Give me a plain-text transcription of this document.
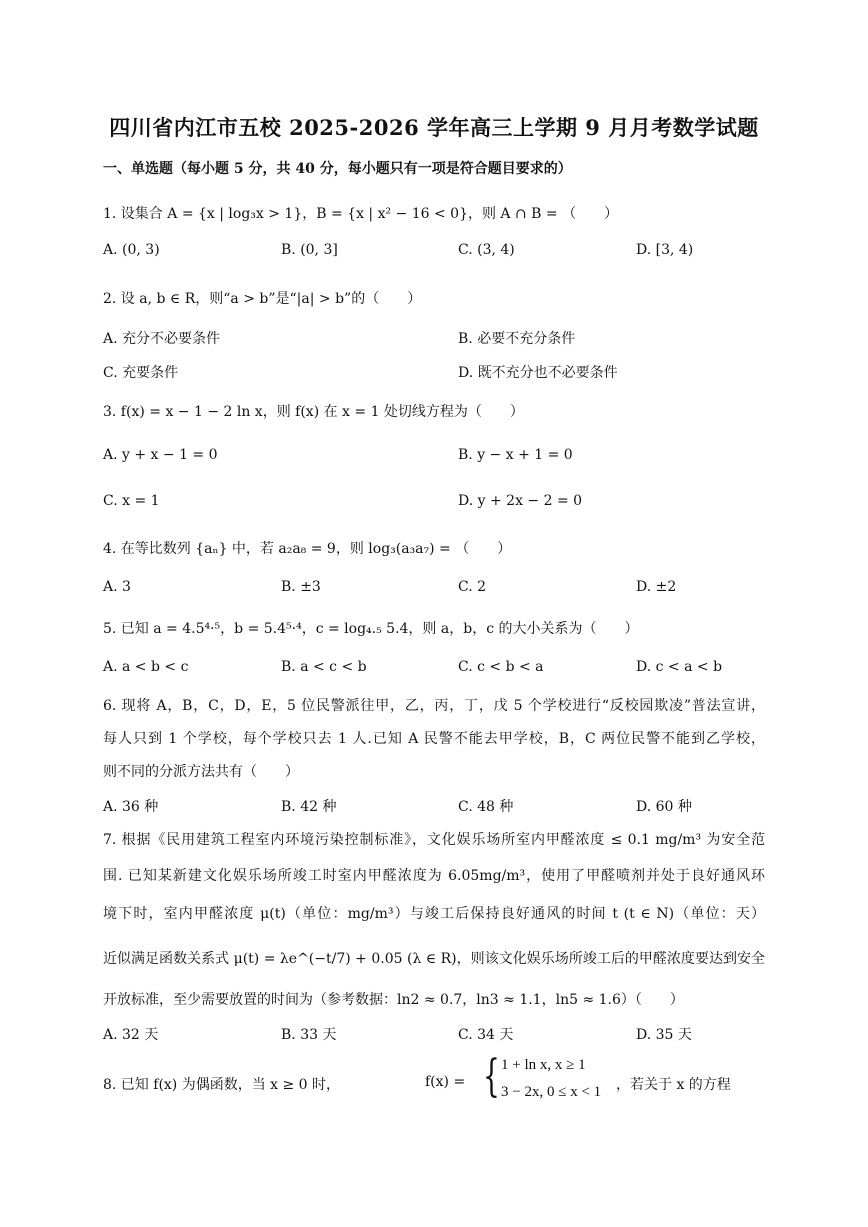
四川省内江市五校 2025-2026 学年高三上学期 9 月月考数学试题
一、单选题（每小题 5 分，共 40 分，每小题只有一项是符合题目要求的）
1. 设集合 A = {x | log₃x > 1}，B = {x | x² − 16 < 0}，则 A ∩ B = （　　）
A. (0, 3)	B. (0, 3]	C. (3, 4)	D. [3, 4)
2. 设 a, b ∈ R，则“a > b”是“|a| > b”的（　　）
A. 充分不必要条件	B. 必要不充分条件
C. 充要条件	D. 既不充分也不必要条件
3. f(x) = x − 1 − 2 ln x，则 f(x) 在 x = 1 处切线方程为（　　）
A. y + x − 1 = 0	B. y − x + 1 = 0
C. x = 1	D. y + 2x − 2 = 0
4. 在等比数列 {aₙ} 中，若 a₂a₈ = 9，则 log₃(a₃a₇) = （　　）
A. 3	B. ±3	C. 2	D. ±2
5. 已知 a = 4.5⁴·⁵，b = 5.4⁵·⁴，c = log₄.₅ 5.4，则 a，b，c 的大小关系为（　　）
A. a < b < c	B. a < c < b	C. c < b < a	D. c < a < b
6. 现将 A，B，C，D，E，5 位民警派往甲，乙，丙，丁，戊 5 个学校进行“反校园欺凌”普法宣讲，
每人只到 1 个学校，每个学校只去 1 人.已知 A 民警不能去甲学校，B，C 两位民警不能到乙学校，
则不同的分派方法共有（　　）
A. 36 种	B. 42 种	C. 48 种	D. 60 种
7. 根据《民用建筑工程室内环境污染控制标准》，文化娱乐场所室内甲醛浓度 ≤ 0.1 mg/m³ 为安全范
围. 已知某新建文化娱乐场所竣工时室内甲醛浓度为 6.05mg/m³，使用了甲醛喷剂并处于良好通风环
境下时，室内甲醛浓度 μ(t)（单位：mg/m³）与竣工后保持良好通风的时间 t (t ∈ N)（单位：天）
近似满足函数关系式 μ(t) = λe^(−t/7) + 0.05 (λ ∈ R)，则该文化娱乐场所竣工后的甲醛浓度要达到安全
开放标准，至少需要放置的时间为（参考数据：ln2 ≈ 0.7，ln3 ≈ 1.1，ln5 ≈ 1.6）（　　）
A. 32 天	B. 33 天	C. 34 天	D. 35 天
8. 已知 f(x) 为偶函数，当 x ≥ 0 时，	f(x) = { 1 + ln x, x ≥ 1
3 − 2x, 0 ≤ x < 1 ，若关于 x 的方程
